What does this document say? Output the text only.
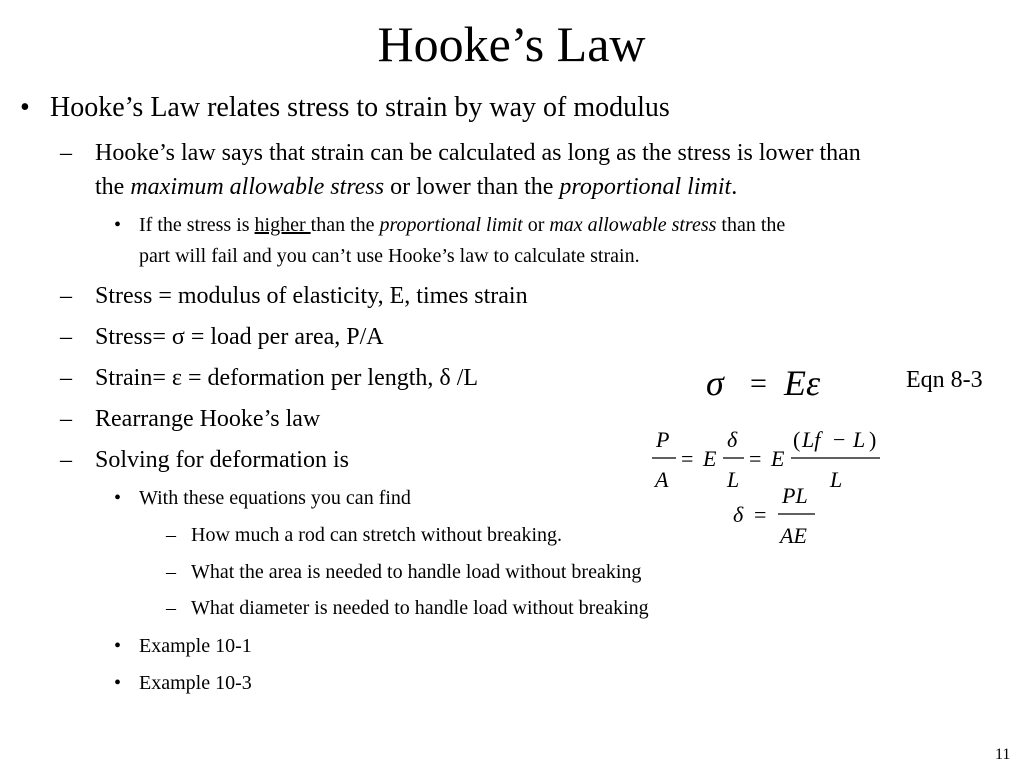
Hooke’s Law
• Hooke’s Law relates stress to strain by way of modulus
– Hooke’s law says that strain can be calculated as long as the stress is lower than
the maximum allowable stress or lower than the proportional limit.
• If the stress is higher than the proportional limit or max allowable stress than the
part will fail and you can’t use Hooke’s law to calculate strain.
– Stress = modulus of elasticity, E, times strain
– Stress= σ = load per area, P/A
– Strain= ε = deformation per length, δ /L
– Rearrange Hooke’s law
– Solving for deformation is
• With these equations you can find
– How much a rod can stretch without breaking.
– What the area is needed to handle load without breaking
– What diameter is needed to handle load without breaking
• Example 10-1
• Example 10-3
σ = Eε
P
A
= E
δ
L
= E
( Lf − L )
L
δ =
PL
AE
Eqn 8-3
11
